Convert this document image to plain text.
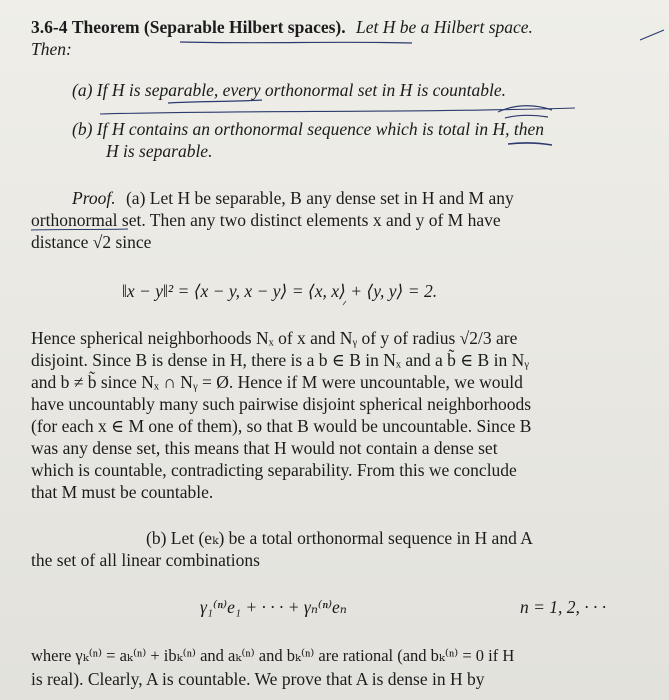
3.6-4 Theorem (Separable Hilbert spaces). Let H be a Hilbert space.
Then:
(a) If H is separable, every orthonormal set in H is countable.
(b) If H contains an orthonormal sequence which is total in H, then
H is separable.
Proof. (a) Let H be separable, B any dense set in H and M any
orthonormal set. Then any two distinct elements x and y of M have
distance √2 since
‖x − y‖² = ⟨x − y, x − y⟩ = ⟨x, x⟩ + ⟨y, y⟩ = 2.
Hence spherical neighborhoods Nₓ of x and Nᵧ of y of radius √2/3 are
disjoint. Since B is dense in H, there is a b ∈ B in Nₓ and a b̃ ∈ B in Nᵧ
and b ≠ b̃ since Nₓ ∩ Nᵧ = Ø. Hence if M were uncountable, we would
have uncountably many such pairwise disjoint spherical neighborhoods
(for each x ∈ M one of them), so that B would be uncountable. Since B
was any dense set, this means that H would not contain a dense set
which is countable, contradicting separability. From this we conclude
that M must be countable.
(b) Let (eₖ) be a total orthonormal sequence in H and A
the set of all linear combinations
γ₁⁽ⁿ⁾e₁ + · · · + γₙ⁽ⁿ⁾eₙ	n = 1, 2, · · ·
where γₖ⁽ⁿ⁾ = aₖ⁽ⁿ⁾ + ibₖ⁽ⁿ⁾ and aₖ⁽ⁿ⁾ and bₖ⁽ⁿ⁾ are rational (and bₖ⁽ⁿ⁾ = 0 if H
is real). Clearly, A is countable. We prove that A is dense in H by
